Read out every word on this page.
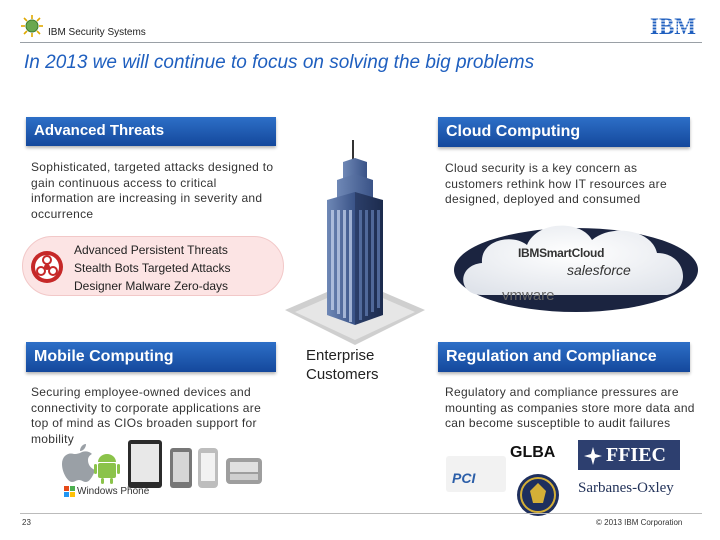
IBM Security Systems	IBM
In 2013 we will continue to focus on solving the big problems
Enterprise
Customers
Advanced Threats
Sophisticated, targeted attacks designed to gain continuous access to critical information are increasing in severity and occurrence
Advanced Persistent Threats
Stealth Bots Targeted Attacks
Designer Malware Zero-days
Cloud Computing
Cloud security is a key concern as customers rethink how IT resources are designed, deployed and consumed
IBMSmartCloud
salesforce
vmware
Mobile Computing
Securing employee-owned devices and connectivity to corporate applications are top of mind as CIOs broaden support for mobility
Windows Phone
Regulation and Compliance
Regulatory and compliance pressures are mounting as companies store more data and can become susceptible to audit failures
GLBA	FFIEC
PCI
Sarbanes-Oxley
23	© 2013 IBM Corporation
